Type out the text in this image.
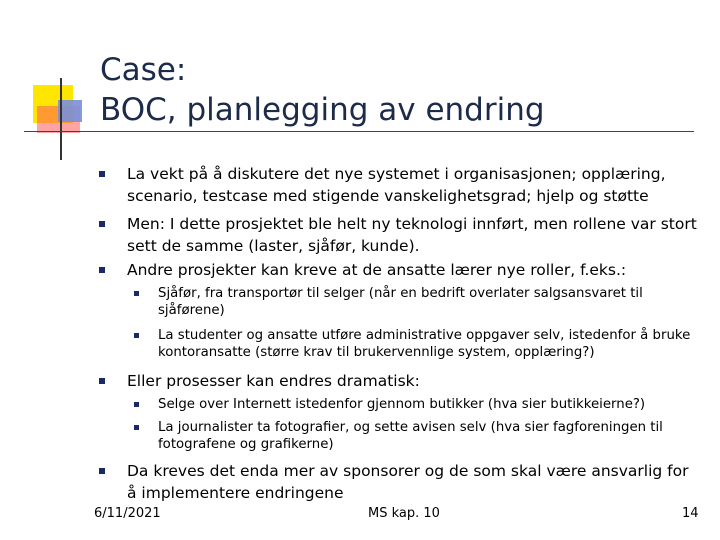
Case:
BOC, planlegging av endring
La vekt på å diskutere det nye systemet i organisasjonen; opplæring, scenario, testcase med stigende vanskelighetsgrad; hjelp og støtte
Men: I dette prosjektet ble helt ny teknologi innført, men rollene var stort sett de samme (laster, sjåfør, kunde).
Andre prosjekter kan kreve at de ansatte lærer nye roller, f.eks.:
Sjåfør, fra transportør til selger (når en bedrift overlater salgsansvaret til sjåførene)
La studenter og ansatte utføre administrative oppgaver selv, istedenfor å bruke kontoransatte (større krav til brukervennlige system, opplæring?)
Eller prosesser kan endres dramatisk:
Selge over Internett istedenfor gjennom butikker (hva sier butikkeierne?)
La journalister ta fotografier, og sette avisen selv (hva sier fagforeningen til fotografene og grafikerne)
Da kreves det enda mer av sponsorer og de som skal være ansvarlig for å implementere endringene
6/11/2021	MS kap. 10	14
